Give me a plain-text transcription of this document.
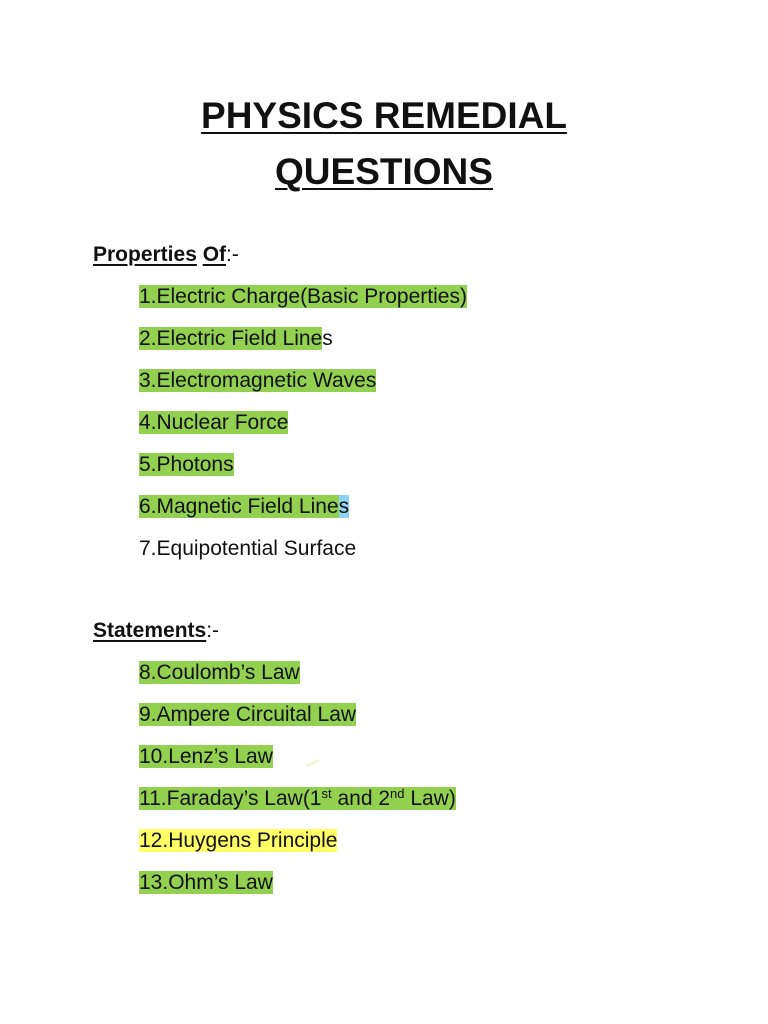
PHYSICS REMEDIAL
QUESTIONS
Properties Of:-
1.Electric Charge(Basic Properties)
2.Electric Field Lines
3.Electromagnetic Waves
4.Nuclear Force
5.Photons
6.Magnetic Field Lines
7.Equipotential Surface
Statements:-
8.Coulomb’s Law
9.Ampere Circuital Law
10.Lenz’s Law
11.Faraday’s Law(1st and 2nd Law)
12.Huygens Principle
13.Ohm’s Law
